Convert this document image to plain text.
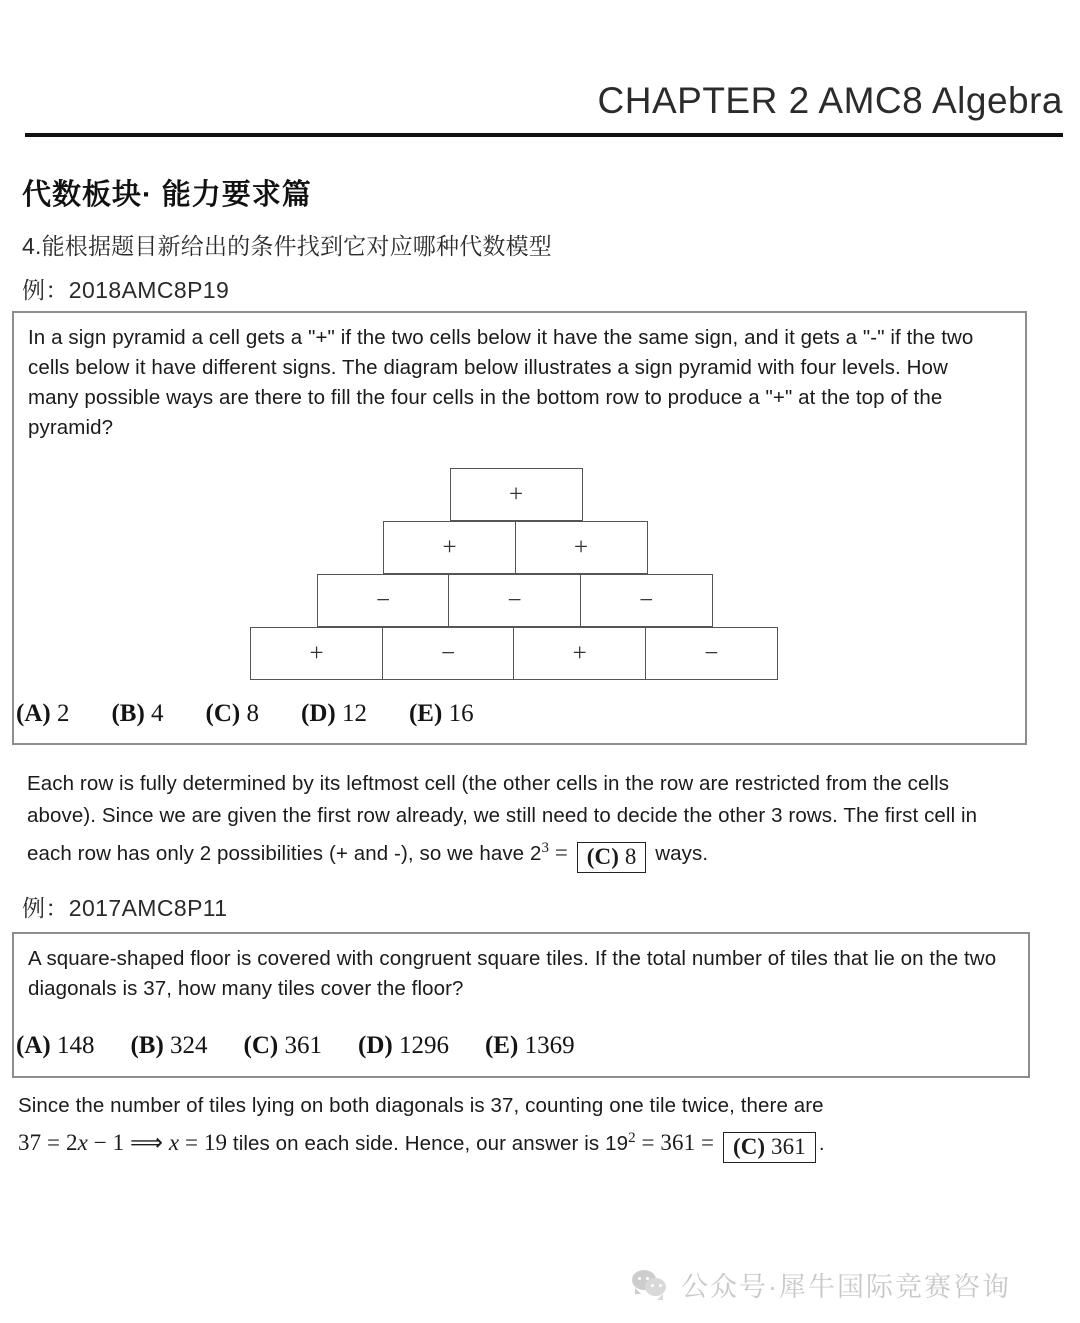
CHAPTER 2 AMC8 Algebra
代数板块· 能力要求篇
4.能根据题目新给出的条件找到它对应哪种代数模型
例：2018AMC8P19
In a sign pyramid a cell gets a "+" if the two cells below it have the same sign, and it gets a "-" if the two cells below it have different signs. The diagram below illustrates a sign pyramid with four levels. How many possible ways are there to fill the four cells in the bottom row to produce a "+" at the top of the pyramid?
+
+	+
−	−	−
+	−	+	−
(A) 2 (B) 4 (C) 8 (D) 12 (E) 16
Each row is fully determined by its leftmost cell (the other cells in the row are restricted from the cells above). Since we are given the first row already, we still need to decide the other 3 rows. The first cell in each row has only 2 possibilities (+ and -), so we have $2^3 = (C)$ 8 ways.
例：2017AMC8P11
A square-shaped floor is covered with congruent square tiles. If the total number of tiles that lie on the two diagonals is 37, how many tiles cover the floor?
(A) 148 (B) 324 (C) 361 (D) 1296 (E) 1369
Since the number of tiles lying on both diagonals is 37, counting one tile twice, there are
37 = 2x − 1 ⟹ x = 19 tiles on each side. Hence, our answer is $19^2 = 361 = (C)$ 361 .
公众号·犀牛国际竞赛咨询
